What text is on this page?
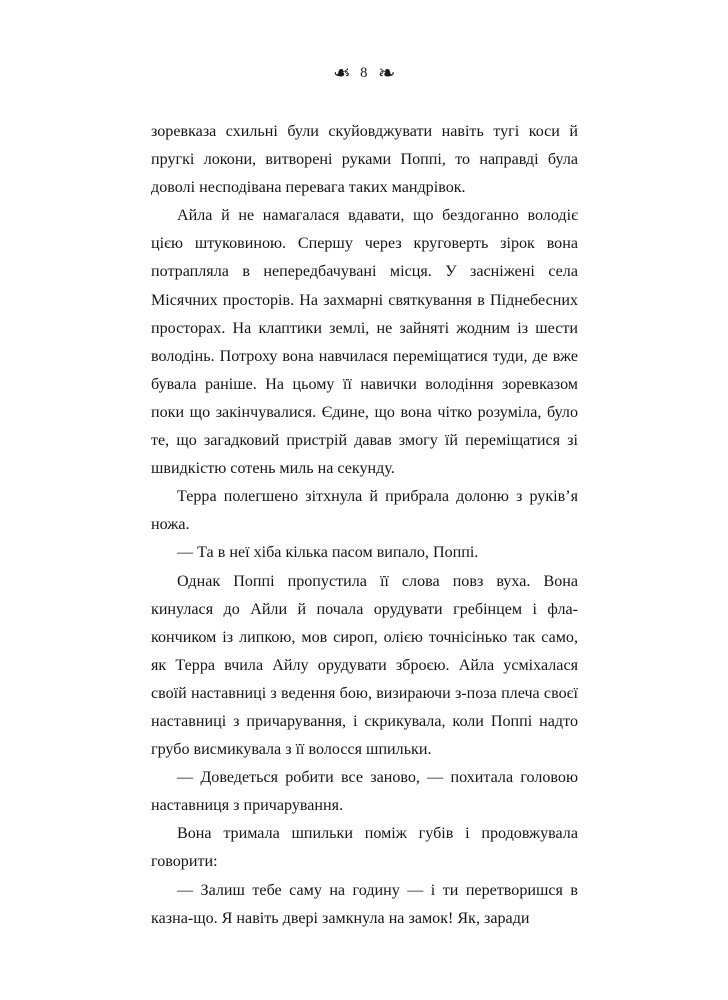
❧ 8 ❧

зоревказа схильні були скуйовджувати навіть тугі коси й пругкі локони, витворені руками Поппі, то направді була доволі несподівана перевага таких мандрівок.

Айла й не намагалася вдавати, що бездоганно володіє цією штуковиною. Спершу через круговерть зірок вона потрапляла в непередбачувані місця. У засніжені села Місячних просторів. На захмарні святкування в Піднебесних просторах. На клаптики землі, не зайняті жодним із шести володінь. Потроху вона навчилася переміщатися туди, де вже бувала раніше. На цьому її навички володіння зоревказом поки що закінчувалися. Єдине, що вона чітко розуміла, було те, що загадковий пристрій давав змогу їй переміщатися зі швидкістю сотень миль на секунду.

Терра полегшено зітхнула й прибрала долоню з руків’я ножа.

— Та в неї хіба кілька пасом випало, Поппі.

Однак Поппі пропустила її слова повз вуха. Вона кинулася до Айли й почала орудувати гребінцем і флакончиком із липкою, мов сироп, олією точнісінько так само, як Терра вчила Айлу орудувати зброєю. Айла усміхалася своїй наставниці з ведення бою, визираючи з-поза плеча своєї наставниці з причарування, і скрикувала, коли Поппі надто грубо висмикувала з її волосся шпильки.

— Доведеться робити все заново, — похитала головою наставниця з причарування.

Вона тримала шпильки поміж губів і продовжувала говорити:

— Залиш тебе саму на годину — і ти перетворишся в казна-що. Я навіть двері замкнула на замок! Як, заради
